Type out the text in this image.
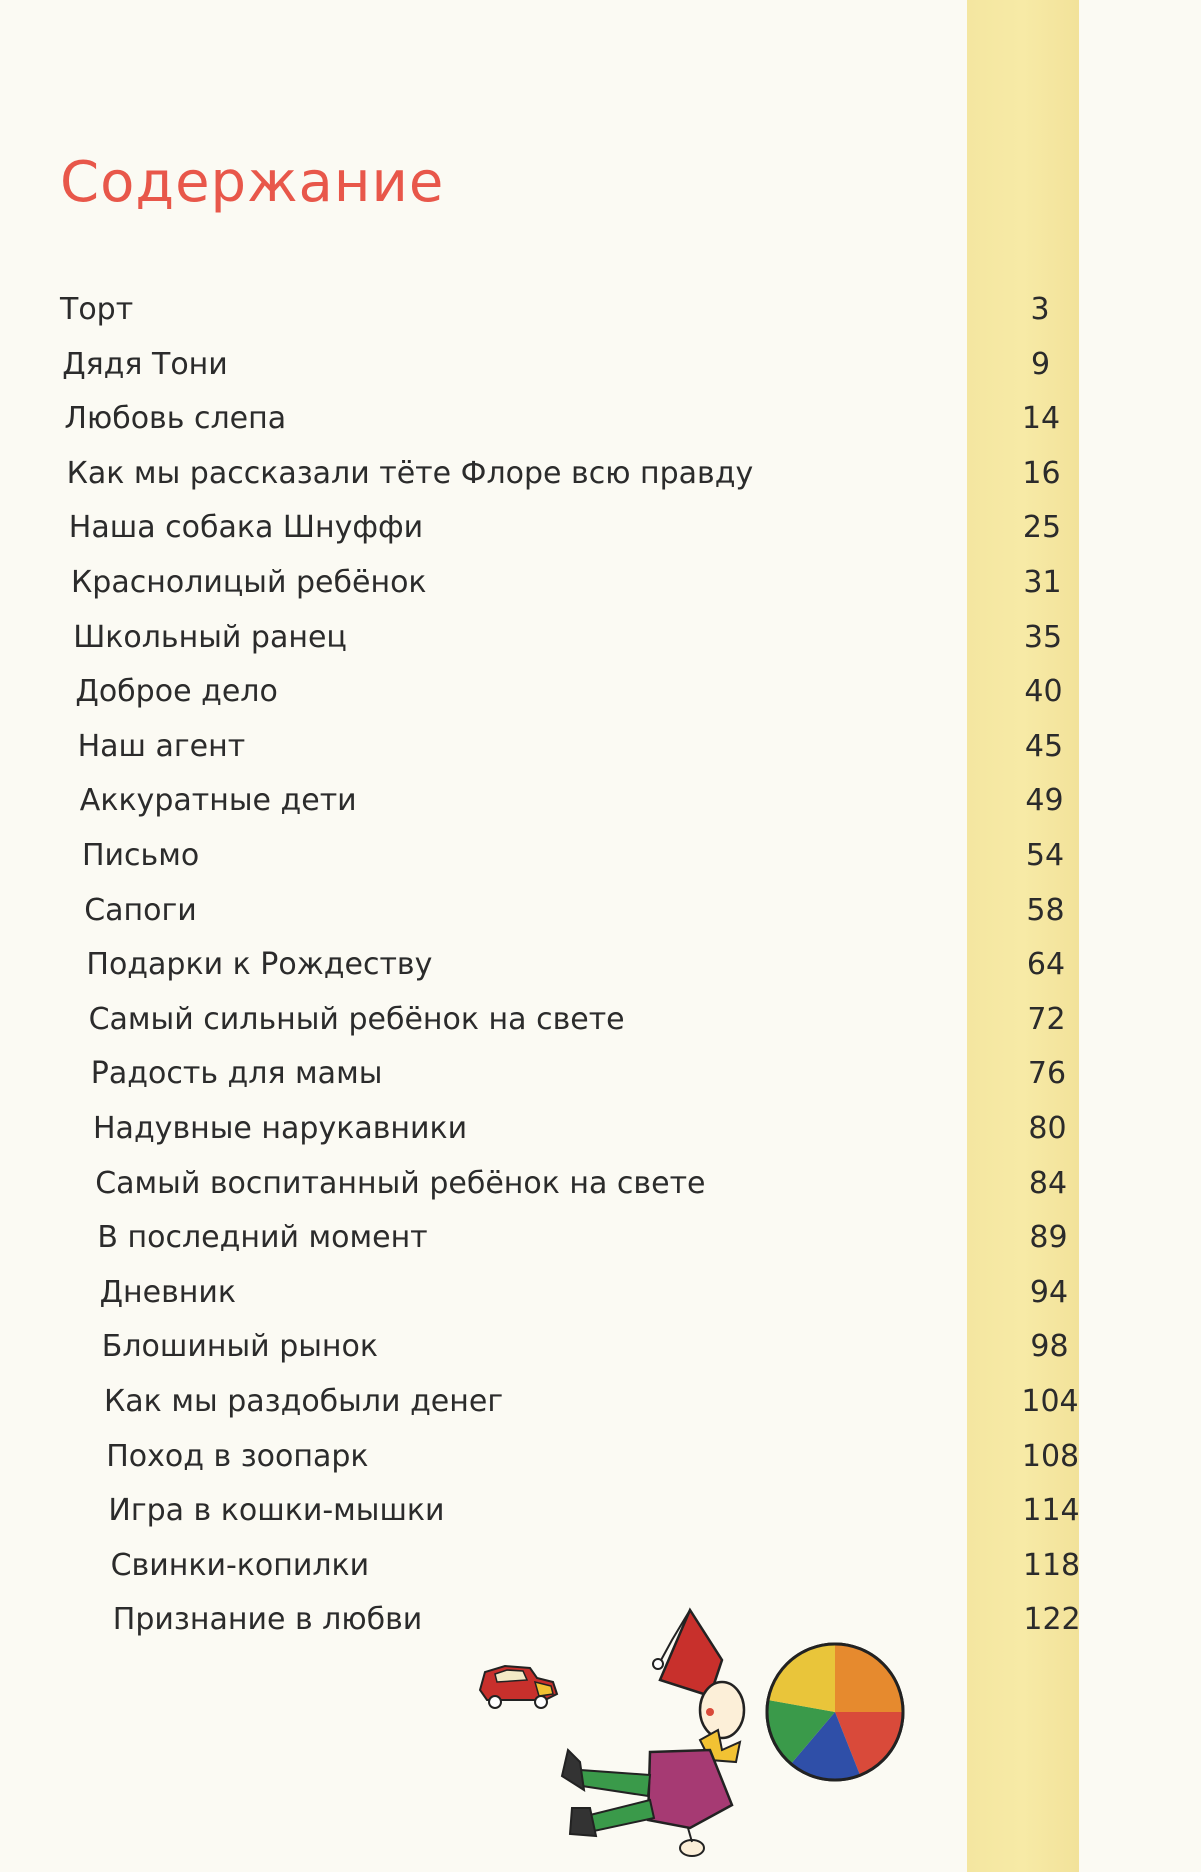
Содержание
Торт	3
Дядя Тони	9
Любовь слепа	14
Как мы рассказали тёте Флоре всю правду	16
Наша собака Шнуффи	25
Краснолицый ребёнок	31
Школьный ранец	35
Доброе дело	40
Наш агент	45
Аккуратные дети	49
Письмо	54
Сапоги	58
Подарки к Рождеству	64
Самый сильный ребёнок на свете	72
Радость для мамы	76
Надувные нарукавники	80
Самый воспитанный ребёнок на свете	84
В последний момент	89
Дневник	94
Блошиный рынок	98
Как мы раздобыли денег	104
Поход в зоопарк	108
Игра в кошки-мышки	114
Свинки-копилки	118
Признание в любви	122
